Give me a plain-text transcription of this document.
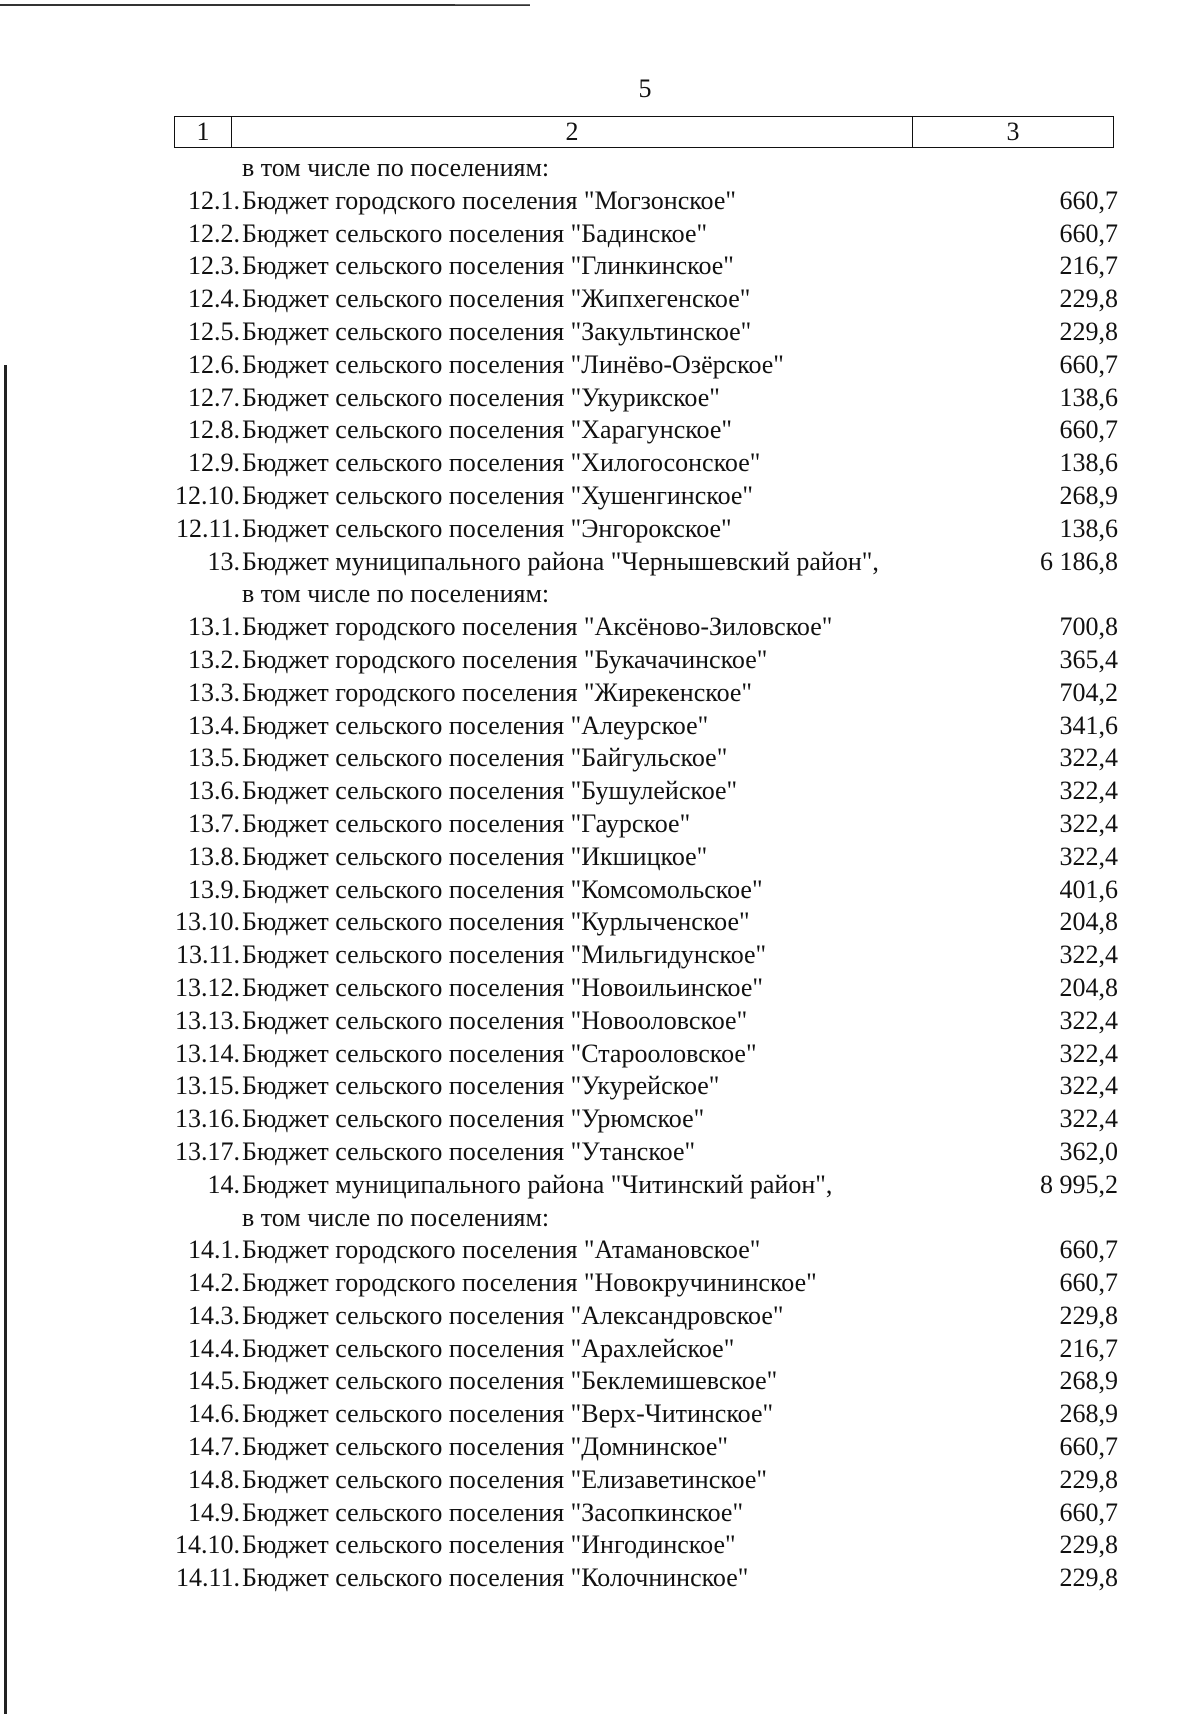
5
1	2	3
в том числе по поселениям:
12.1. Бюджет городского поселения "Могзонское"	660,7
12.2. Бюджет сельского поселения "Бадинское"	660,7
12.3. Бюджет сельского поселения "Глинкинское"	216,7
12.4. Бюджет сельского поселения "Жипхегенское"	229,8
12.5. Бюджет сельского поселения "Закультинское"	229,8
12.6. Бюджет сельского поселения "Линёво-Озёрское"	660,7
12.7. Бюджет сельского поселения "Укурикское"	138,6
12.8. Бюджет сельского поселения "Харагунское"	660,7
12.9. Бюджет сельского поселения "Хилогосонское"	138,6
12.10. Бюджет сельского поселения "Хушенгинское"	268,9
12.11. Бюджет сельского поселения "Энгорокское"	138,6
13. Бюджет муниципального района "Чернышевский район",	6 186,8
в том числе по поселениям:
13.1. Бюджет городского поселения "Аксёново-Зиловское"	700,8
13.2. Бюджет городского поселения "Букачачинское"	365,4
13.3. Бюджет городского поселения "Жирекенское"	704,2
13.4. Бюджет сельского поселения "Алеурское"	341,6
13.5. Бюджет сельского поселения "Байгульское"	322,4
13.6. Бюджет сельского поселения "Бушулейское"	322,4
13.7. Бюджет сельского поселения "Гаурское"	322,4
13.8. Бюджет сельского поселения "Икшицкое"	322,4
13.9. Бюджет сельского поселения "Комсомольское"	401,6
13.10. Бюджет сельского поселения "Курлыченское"	204,8
13.11. Бюджет сельского поселения "Мильгидунское"	322,4
13.12. Бюджет сельского поселения "Новоильинское"	204,8
13.13. Бюджет сельского поселения "Новооловское"	322,4
13.14. Бюджет сельского поселения "Старооловское"	322,4
13.15. Бюджет сельского поселения "Укурейское"	322,4
13.16. Бюджет сельского поселения "Урюмское"	322,4
13.17. Бюджет сельского поселения "Утанское"	362,0
14. Бюджет муниципального района "Читинский район",	8 995,2
в том числе по поселениям:
14.1. Бюджет городского поселения "Атамановское"	660,7
14.2. Бюджет городского поселения "Новокручининское"	660,7
14.3. Бюджет сельского поселения "Александровское"	229,8
14.4. Бюджет сельского поселения "Арахлейское"	216,7
14.5. Бюджет сельского поселения "Беклемишевское"	268,9
14.6. Бюджет сельского поселения "Верх-Читинское"	268,9
14.7. Бюджет сельского поселения "Домнинское"	660,7
14.8. Бюджет сельского поселения "Елизаветинское"	229,8
14.9. Бюджет сельского поселения "Засопкинское"	660,7
14.10. Бюджет сельского поселения "Ингодинское"	229,8
14.11. Бюджет сельского поселения "Колочнинское"	229,8
